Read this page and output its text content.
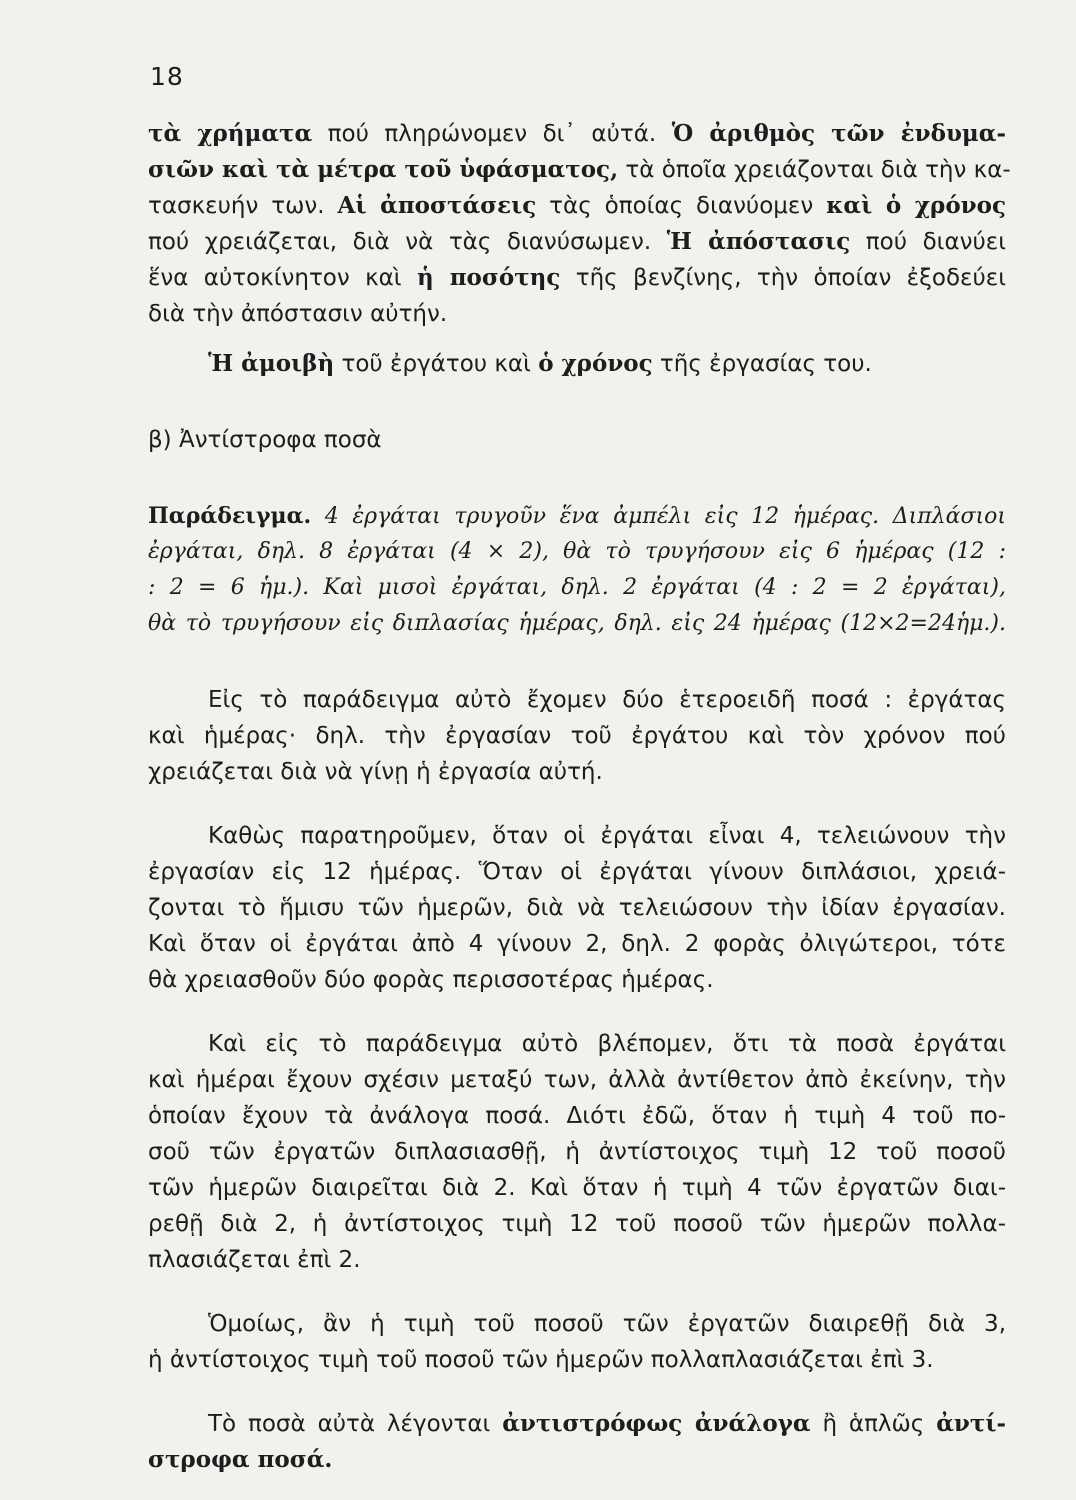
18
τὰ χρήματα πού πληρώνομεν δι᾽ αὐτά. Ὁ ἀριθμὸς τῶν ἐνδυμα-
σιῶν καὶ τὰ μέτρα τοῦ ὑφάσματος, τὰ ὁποῖα χρειάζονται διὰ τὴν κα-
τασκευήν των. Αἱ ἀποστάσεις τὰς ὁποίας διανύομεν καὶ ὁ χρόνος
πού χρειάζεται, διὰ νὰ τὰς διανύσωμεν. Ἡ ἀπόστασις πού διανύει
ἕνα αὐτοκίνητον καὶ ἡ ποσότης τῆς βενζίνης, τὴν ὁποίαν ἐξοδεύει
διὰ τὴν ἀπόστασιν αὐτήν.
Ἡ ἀμοιβὴ τοῦ ἐργάτου καὶ ὁ χρόνος τῆς ἐργασίας του.
β) Ἀντίστροφα ποσὰ
Παράδειγμα. 4 ἐργάται τρυγοῦν ἕνα ἀμπέλι εἰς 12 ἡμέρας. Διπλάσιοι
ἐργάται, δηλ. 8 ἐργάται (4 × 2), θὰ τὸ τρυγήσουν εἰς 6 ἡμέρας (12 :
: 2 = 6 ἡμ.). Καὶ μισοὶ ἐργάται, δηλ. 2 ἐργάται (4 : 2 = 2 ἐργάται),
θὰ τὸ τρυγήσουν εἰς διπλασίας ἡμέρας, δηλ. εἰς 24 ἡμέρας (12×2=24ἡμ.).
Εἰς τὸ παράδειγμα αὐτὸ ἔχομεν δύο ἑτεροειδῆ ποσά : ἐργάτας
καὶ ἡμέρας· δηλ. τὴν ἐργασίαν τοῦ ἐργάτου καὶ τὸν χρόνον πού
χρειάζεται διὰ νὰ γίνῃ ἡ ἐργασία αὐτή.
Καθὼς παρατηροῦμεν, ὅταν οἱ ἐργάται εἶναι 4, τελειώνουν τὴν
ἐργασίαν εἰς 12 ἡμέρας. Ὅταν οἱ ἐργάται γίνουν διπλάσιοι, χρειά-
ζονται τὸ ἥμισυ τῶν ἡμερῶν, διὰ νὰ τελειώσουν τὴν ἰδίαν ἐργασίαν.
Καὶ ὅταν οἱ ἐργάται ἀπὸ 4 γίνουν 2, δηλ. 2 φορὰς ὀλιγώτεροι, τότε
θὰ χρειασθοῦν δύο φορὰς περισσοτέρας ἡμέρας.
Καὶ εἰς τὸ παράδειγμα αὐτὸ βλέπομεν, ὅτι τὰ ποσὰ ἐργάται
καὶ ἡμέραι ἔχουν σχέσιν μεταξύ των, ἀλλὰ ἀντίθετον ἀπὸ ἐκείνην, τὴν
ὁποίαν ἔχουν τὰ ἀνάλογα ποσά. Διότι ἐδῶ, ὅταν ἡ τιμὴ 4 τοῦ πο-
σοῦ τῶν ἐργατῶν διπλασιασθῇ, ἡ ἀντίστοιχος τιμὴ 12 τοῦ ποσοῦ
τῶν ἡμερῶν διαιρεῖται διὰ 2. Καὶ ὅταν ἡ τιμὴ 4 τῶν ἐργατῶν διαι-
ρεθῇ διὰ 2, ἡ ἀντίστοιχος τιμὴ 12 τοῦ ποσοῦ τῶν ἡμερῶν πολλα-
πλασιάζεται ἐπὶ 2.
Ὁμοίως, ἂν ἡ τιμὴ τοῦ ποσοῦ τῶν ἐργατῶν διαιρεθῇ διὰ 3,
ἡ ἀντίστοιχος τιμὴ τοῦ ποσοῦ τῶν ἡμερῶν πολλαπλασιάζεται ἐπὶ 3.
Τὸ ποσὰ αὐτὰ λέγονται ἀντιστρόφως ἀνάλογα ἢ ἁπλῶς ἀντί-
στροφα ποσά.
